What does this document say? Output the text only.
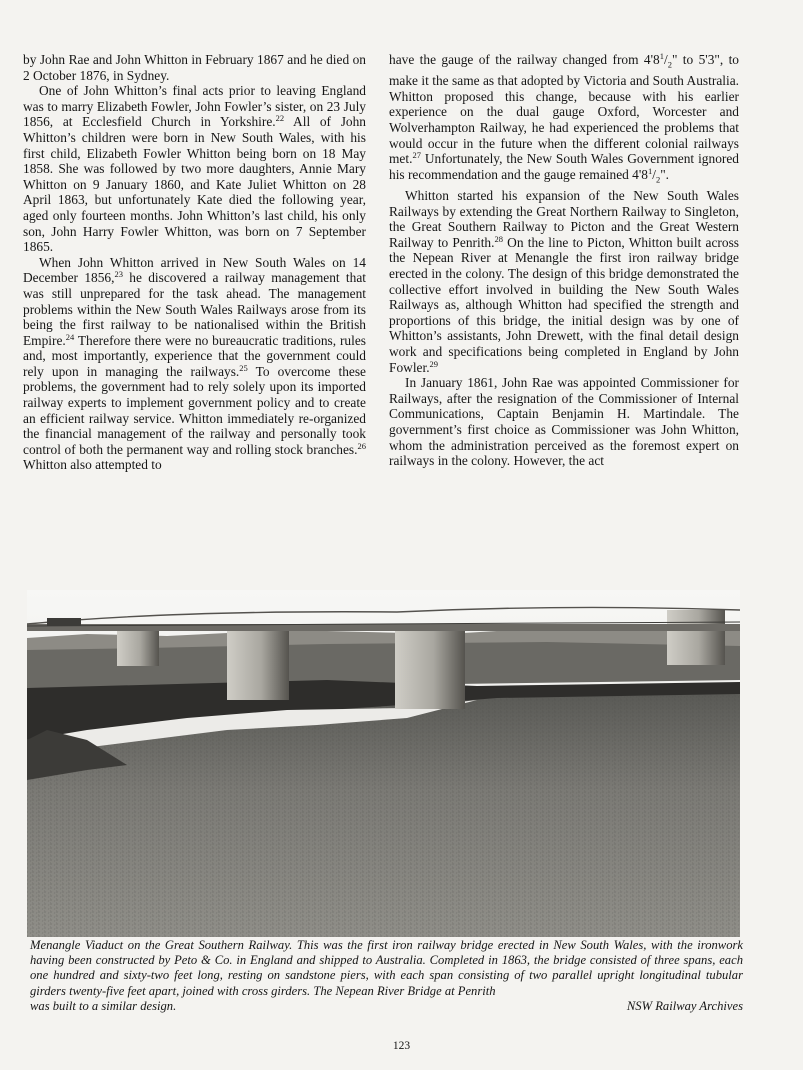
by John Rae and John Whitton in February 1867 and he died on 2 October 1876, in Sydney.

One of John Whitton’s final acts prior to leaving England was to marry Elizabeth Fowler, John Fowler’s sister, on 23 July 1856, at Ecclesfield Church in Yorkshire.$^{22}$ All of John Whitton’s children were born in New South Wales, with his first child, Elizabeth Fowler Whitton being born on 18 May 1858. She was followed by two more daughters, Annie Mary Whitton on 9 January 1860, and Kate Juliet Whitton on 28 April 1863, but unfortunately Kate died the following year, aged only fourteen months. John Whitton’s last child, his only son, John Harry Fowler Whitton, was born on 7 September 1865.

When John Whitton arrived in New South Wales on 14 December 1856,23 he discovered a railway management that was still unprepared for the task ahead. The management problems within the New South Wales Railways arose from its being the first railway to be nationalised within the British Empire.$^{24}$ Therefore there were no bureaucratic traditions, rules and, most importantly, experience that the government could rely upon in managing the railways.$^{25}$ To overcome these problems, the government had to rely solely upon its imported railway experts to implement government policy and to create an efficient railway service. Whitton immediately re-organized the financial management of the railway and personally took control of both the permanent way and rolling stock branches.$^{26}$ Whitton also attempted to

have the gauge of the railway changed from $4'8^1/_2$" to 5'3", to make it the same as that adopted by Victoria and South Australia. Whitton proposed this change, because with his earlier experience on the dual gauge Oxford, Worcester and Wolverhampton Railway, he had experienced the problems that would occur in the future when the different colonial railways met.$^{27}$ Unfortunately, the New South Wales Government ignored his recommendation and the gauge remained $4'8^1/_2$".

Whitton started his expansion of the New South Wales Railways by extending the Great Northern Railway to Singleton, the Great Southern Railway to Picton and the Great Western Railway to Penrith.$^{28}$ On the line to Picton, Whitton built across the Nepean River at Menangle the first iron railway bridge erected in the colony. The design of this bridge demonstrated the collective effort involved in building the New South Wales Railways as, although Whitton had specified the strength and proportions of this bridge, the initial design was by one of Whitton’s assistants, John Drewett, with the final detail design work and specifications being completed in England by John Fowler.$^{29}$

In January 1861, John Rae was appointed Commissioner for Railways, after the resignation of the Commissioner of Internal Communications, Captain Benjamin H. Martindale. The government’s first choice as Commissioner was John Whitton, whom the administration perceived as the foremost expert on railways in the colony. However, the act

Menangle Viaduct on the Great Southern Railway. This was the first iron railway bridge erected in New South Wales, with the ironwork having been constructed by Peto & Co. in England and shipped to Australia. Completed in 1863, the bridge consisted of three spans, each one hundred and sixty-two feet long, resting on sandstone piers, with each span consisting of two parallel upright longitudinal tubular girders twenty-five feet apart, joined with cross girders. The Nepean River Bridge at Penrith
NSW Railway Archives
was built to a similar design.
123
